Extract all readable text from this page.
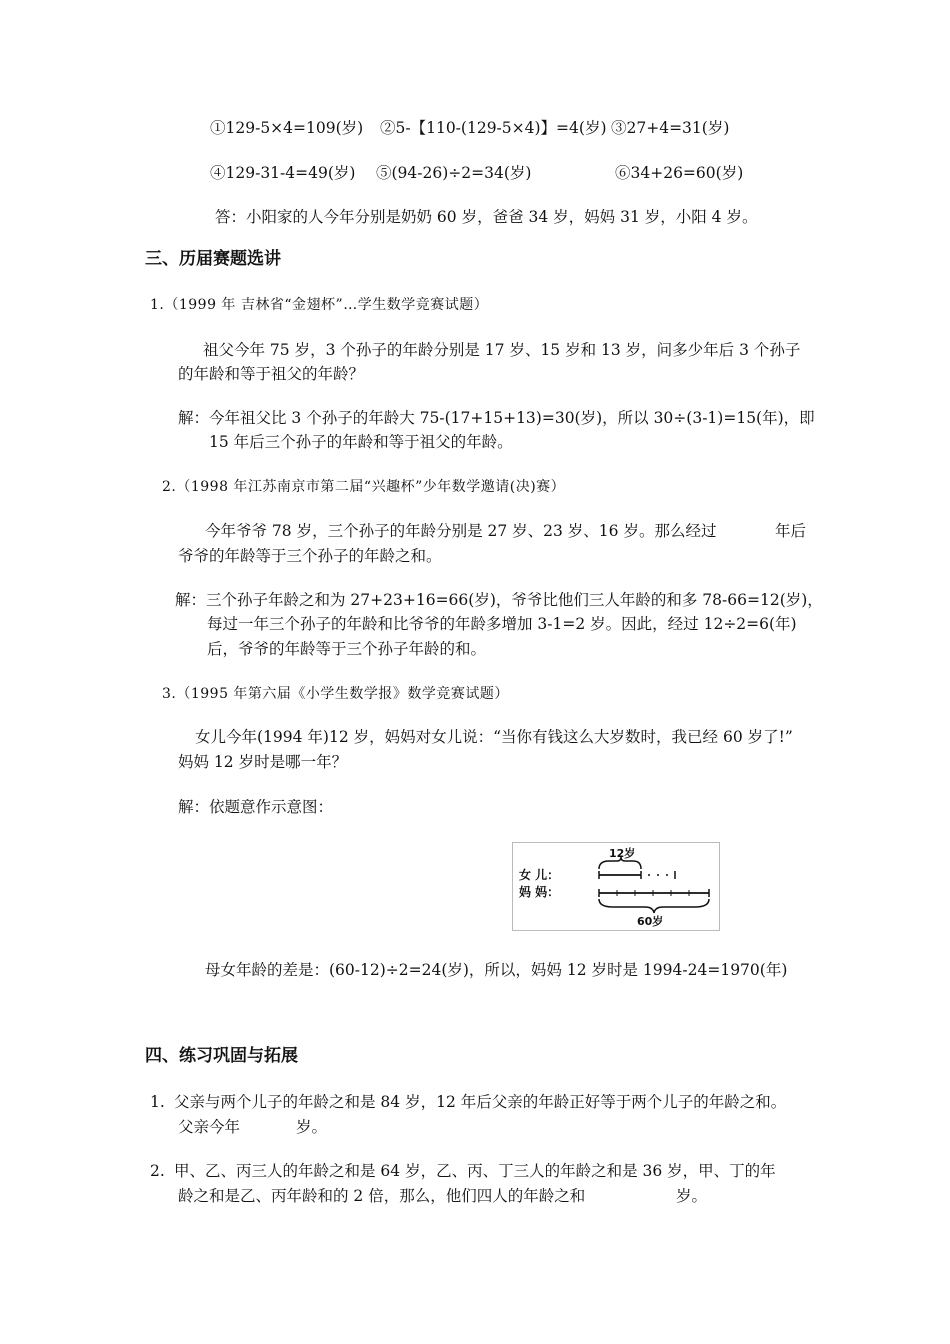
①129-5×4=109(岁) ②5-【110-(129-5×4)】=4(岁) ③27+4=31(岁)
④129-31-4=49(岁) ⑤(94-26)÷2=34(岁)	⑥34+26=60(岁)
答：小阳家的人今年分别是奶奶 60 岁，爸爸 34 岁，妈妈 31 岁，小阳 4 岁。
三、历届赛题选讲
1.（1999 年 吉林省“金翅杯”…学生数学竞赛试题）
祖父今年 75 岁，3 个孙子的年龄分别是 17 岁、15 岁和 13 岁，问多少年后 3 个孙子
的年龄和等于祖父的年龄？
解：今年祖父比 3 个孙子的年龄大 75-(17+15+13)=30(岁)，所以 30÷(3-1)=15(年)，即
15 年后三个孙子的年龄和等于祖父的年龄。
2.（1998 年江苏南京市第二届“兴趣杯”少年数学邀请(决)赛）
今年爷爷 78 岁，三个孙子的年龄分别是 27 岁、23 岁、16 岁。那么经过	年后
爷爷的年龄等于三个孙子的年龄之和。
解：三个孙子年龄之和为 27+23+16=66(岁)，爷爷比他们三人年龄的和多 78-66=12(岁)，
每过一年三个孙子的年龄和比爷爷的年龄多增加 3-1=2 岁。因此，经过 12÷2=6(年)
后，爷爷的年龄等于三个孙子年龄的和。
3.（1995 年第六届《小学生数学报》数学竞赛试题）
女儿今年(1994 年)12 岁，妈妈对女儿说：“当你有钱这么大岁数时，我已经 60 岁了!”
妈妈 12 岁时是哪一年？
解：依题意作示意图：
女 儿：
妈 妈：
12岁
60岁
母女年龄的差是：(60-12)÷2=24(岁)，所以，妈妈 12 岁时是 1994-24=1970(年)
四、练习巩固与拓展
1. 父亲与两个儿子的年龄之和是 84 岁，12 年后父亲的年龄正好等于两个儿子的年龄之和。
父亲今年	岁。
2. 甲、乙、丙三人的年龄之和是 64 岁，乙、丙、丁三人的年龄之和是 36 岁，甲、丁的年
龄之和是乙、丙年龄和的 2 倍，那么，他们四人的年龄之和	岁。
